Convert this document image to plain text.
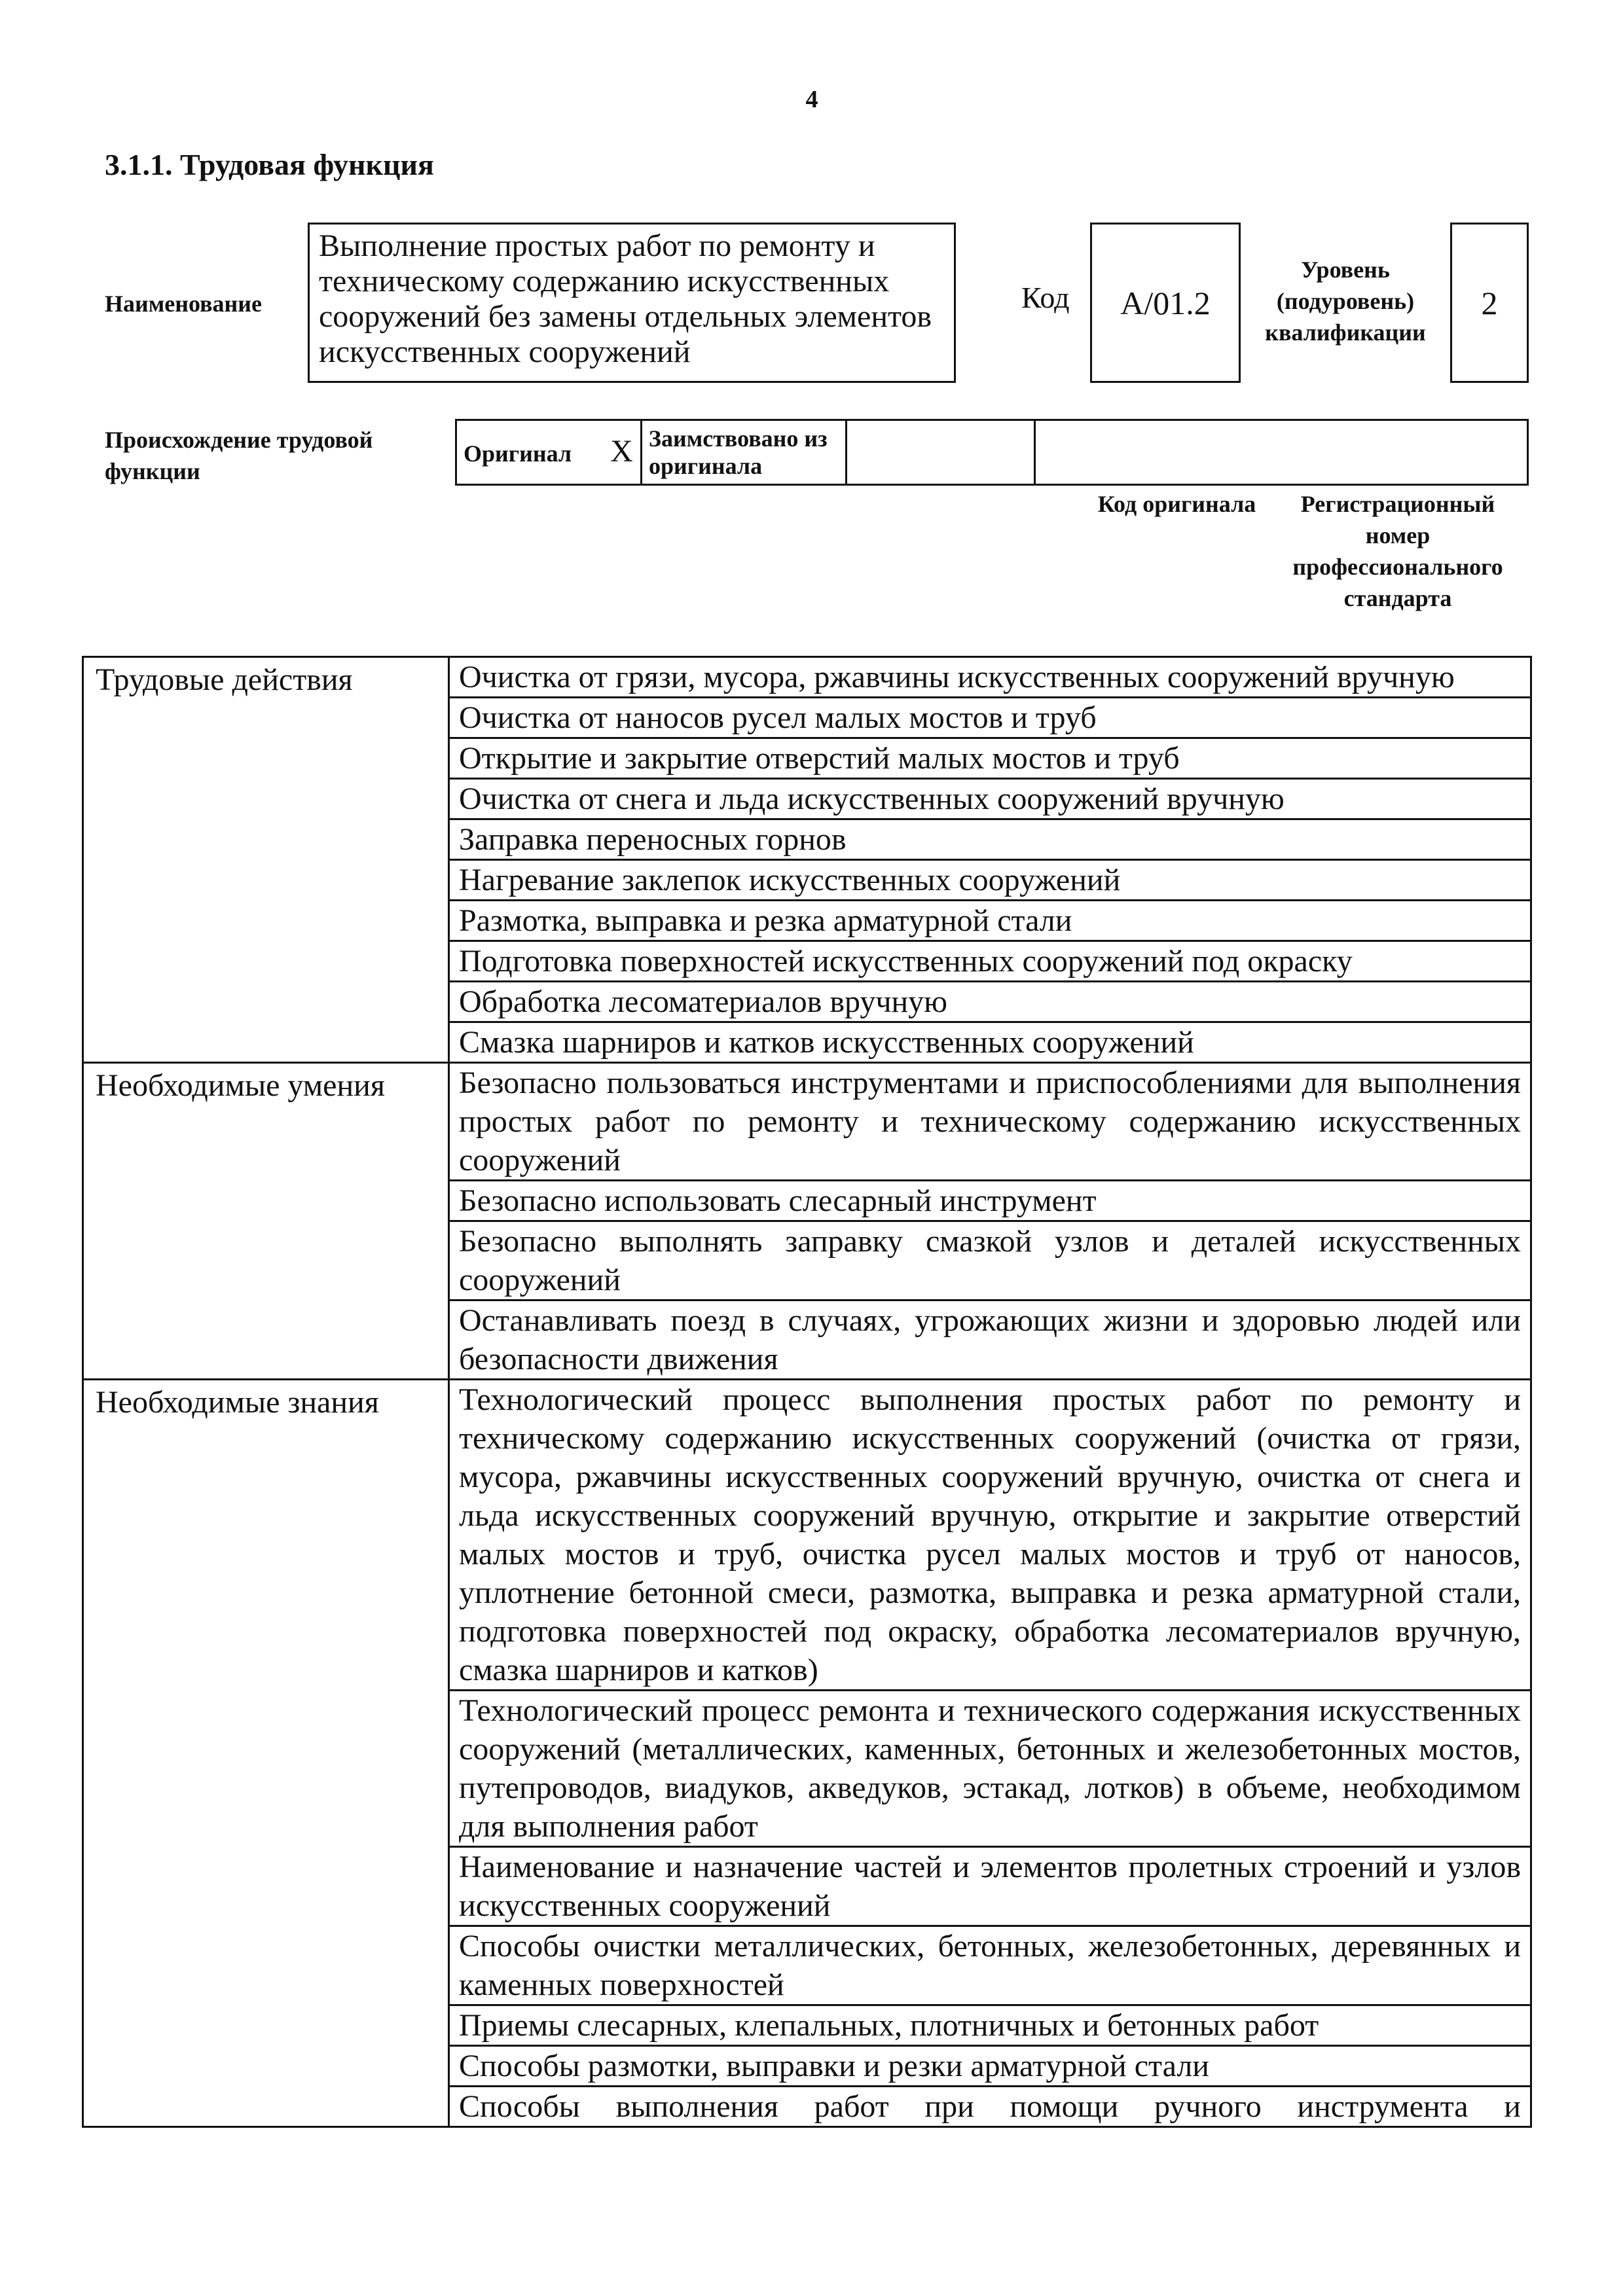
4
3.1.1. Трудовая функция
Наименование
Выполнение простых работ по ремонту и техническому содержанию искусственных сооружений без замены отдельных элементов искусственных сооружений
Код А/01.2
Уровень (подуровень) квалификации
2
Происхождение трудовой функции
Оригинал X	Заимствовано из оригинала		
Код оригинала	Регистрационный номер профессионального стандарта
Трудовые действия	Очистка от грязи, мусора, ржавчины искусственных сооружений вручную
	Очистка от наносов русел малых мостов и труб
	Открытие и закрытие отверстий малых мостов и труб
	Очистка от снега и льда искусственных сооружений вручную
	Заправка переносных горнов
	Нагревание заклепок искусственных сооружений
	Размотка, выправка и резка арматурной стали
	Подготовка поверхностей искусственных сооружений под окраску
	Обработка лесоматериалов вручную
	Смазка шарниров и катков искусственных сооружений
Необходимые умения	Безопасно пользоваться инструментами и приспособлениями для выполнения простых работ по ремонту и техническому содержанию искусственных сооружений
	Безопасно использовать слесарный инструмент
	Безопасно выполнять заправку смазкой узлов и деталей искусственных сооружений
	Останавливать поезд в случаях, угрожающих жизни и здоровью людей или безопасности движения
Необходимые знания	Технологический процесс выполнения простых работ по ремонту и техническому содержанию искусственных сооружений (очистка от грязи, мусора, ржавчины искусственных сооружений вручную, очистка от снега и льда искусственных сооружений вручную, открытие и закрытие отверстий малых мостов и труб, очистка русел малых мостов и труб от наносов, уплотнение бетонной смеси, размотка, выправка и резка арматурной стали, подготовка поверхностей под окраску, обработка лесоматериалов вручную, смазка шарниров и катков)
	Технологический процесс ремонта и технического содержания искусственных сооружений (металлических, каменных, бетонных и железобетонных мостов, путепроводов, виадуков, акведуков, эстакад, лотков) в объеме, необходимом для выполнения работ
	Наименование и назначение частей и элементов пролетных строений и узлов искусственных сооружений
	Способы очистки металлических, бетонных, железобетонных, деревянных и каменных поверхностей
	Приемы слесарных, клепальных, плотничных и бетонных работ
	Способы размотки, выправки и резки арматурной стали
	Способы выполнения работ при помощи ручного инструмента и
